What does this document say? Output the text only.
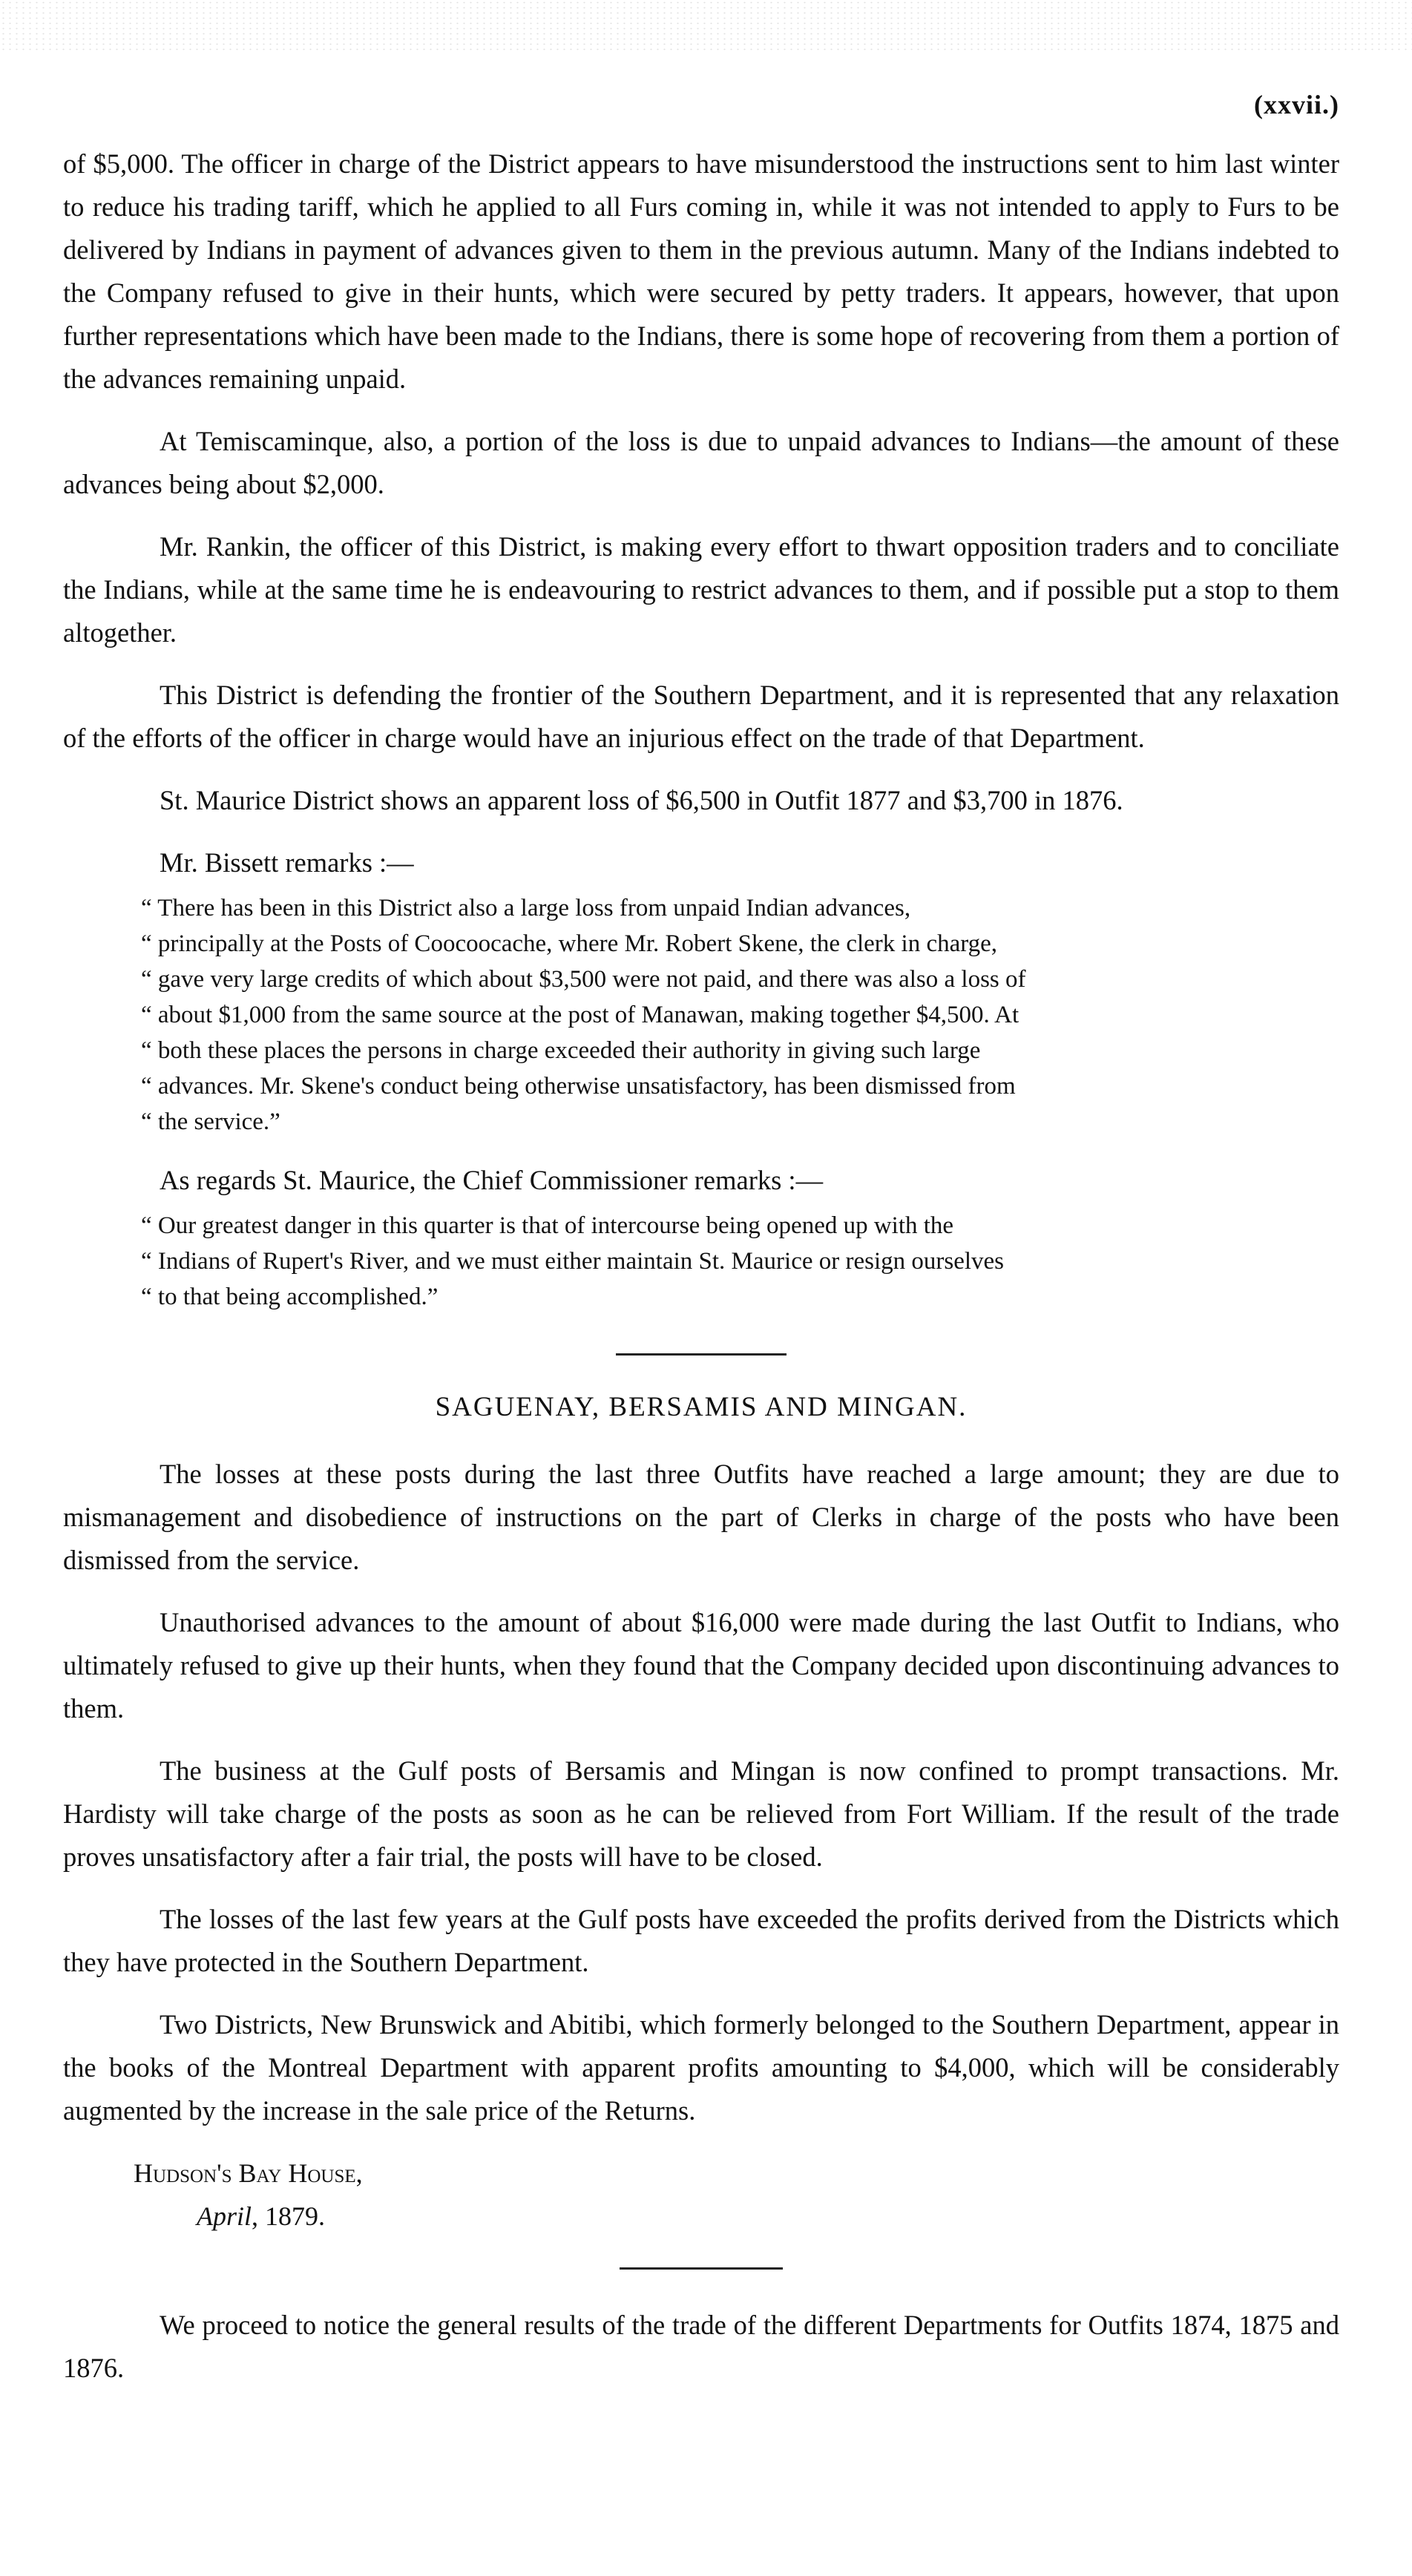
(xxvii.)

of $5,000. The officer in charge of the District appears to have misunderstood the instructions sent to him last winter to reduce his trading tariff, which he applied to all Furs coming in, while it was not intended to apply to Furs to be delivered by Indians in payment of advances given to them in the previous autumn. Many of the Indians indebted to the Company refused to give in their hunts, which were secured by petty traders. It appears, however, that upon further representations which have been made to the Indians, there is some hope of recovering from them a portion of the advances remaining unpaid.

At Temiscaminque, also, a portion of the loss is due to unpaid advances to Indians—the amount of these advances being about $2,000.

Mr. Rankin, the officer of this District, is making every effort to thwart opposition traders and to conciliate the Indians, while at the same time he is endeavouring to restrict advances to them, and if possible put a stop to them altogether.

This District is defending the frontier of the Southern Department, and it is represented that any relaxation of the efforts of the officer in charge would have an injurious effect on the trade of that Department.

St. Maurice District shows an apparent loss of $6,500 in Outfit 1877 and $3,700 in 1876.

Mr. Bissett remarks :—

“ There has been in this District also a large loss from unpaid Indian advances,
“ principally at the Posts of Coocoocache, where Mr. Robert Skene, the clerk in charge,
“ gave very large credits of which about $3,500 were not paid, and there was also a loss of
“ about $1,000 from the same source at the post of Manawan, making together $4,500. At
“ both these places the persons in charge exceeded their authority in giving such large
“ advances. Mr. Skene's conduct being otherwise unsatisfactory, has been dismissed from
“ the service.”

As regards St. Maurice, the Chief Commissioner remarks :—

“ Our greatest danger in this quarter is that of intercourse being opened up with the
“ Indians of Rupert's River, and we must either maintain St. Maurice or resign ourselves
“ to that being accomplished.”
SAGUENAY, BERSAMIS AND MINGAN.

The losses at these posts during the last three Outfits have reached a large amount; they are due to mismanagement and disobedience of instructions on the part of Clerks in charge of the posts who have been dismissed from the service.

Unauthorised advances to the amount of about $16,000 were made during the last Outfit to Indians, who ultimately refused to give up their hunts, when they found that the Company decided upon discontinuing advances to them.

The business at the Gulf posts of Bersamis and Mingan is now confined to prompt transactions. Mr. Hardisty will take charge of the posts as soon as he can be relieved from Fort William. If the result of the trade proves unsatisfactory after a fair trial, the posts will have to be closed.

The losses of the last few years at the Gulf posts have exceeded the profits derived from the Districts which they have protected in the Southern Department.

Two Districts, New Brunswick and Abitibi, which formerly belonged to the Southern Department, appear in the books of the Montreal Department with apparent profits amounting to $4,000, which will be considerably augmented by the increase in the sale price of the Returns.

Hudson's Bay House,
April, 1879.

We proceed to notice the general results of the trade of the different Departments for Outfits 1874, 1875 and 1876.
